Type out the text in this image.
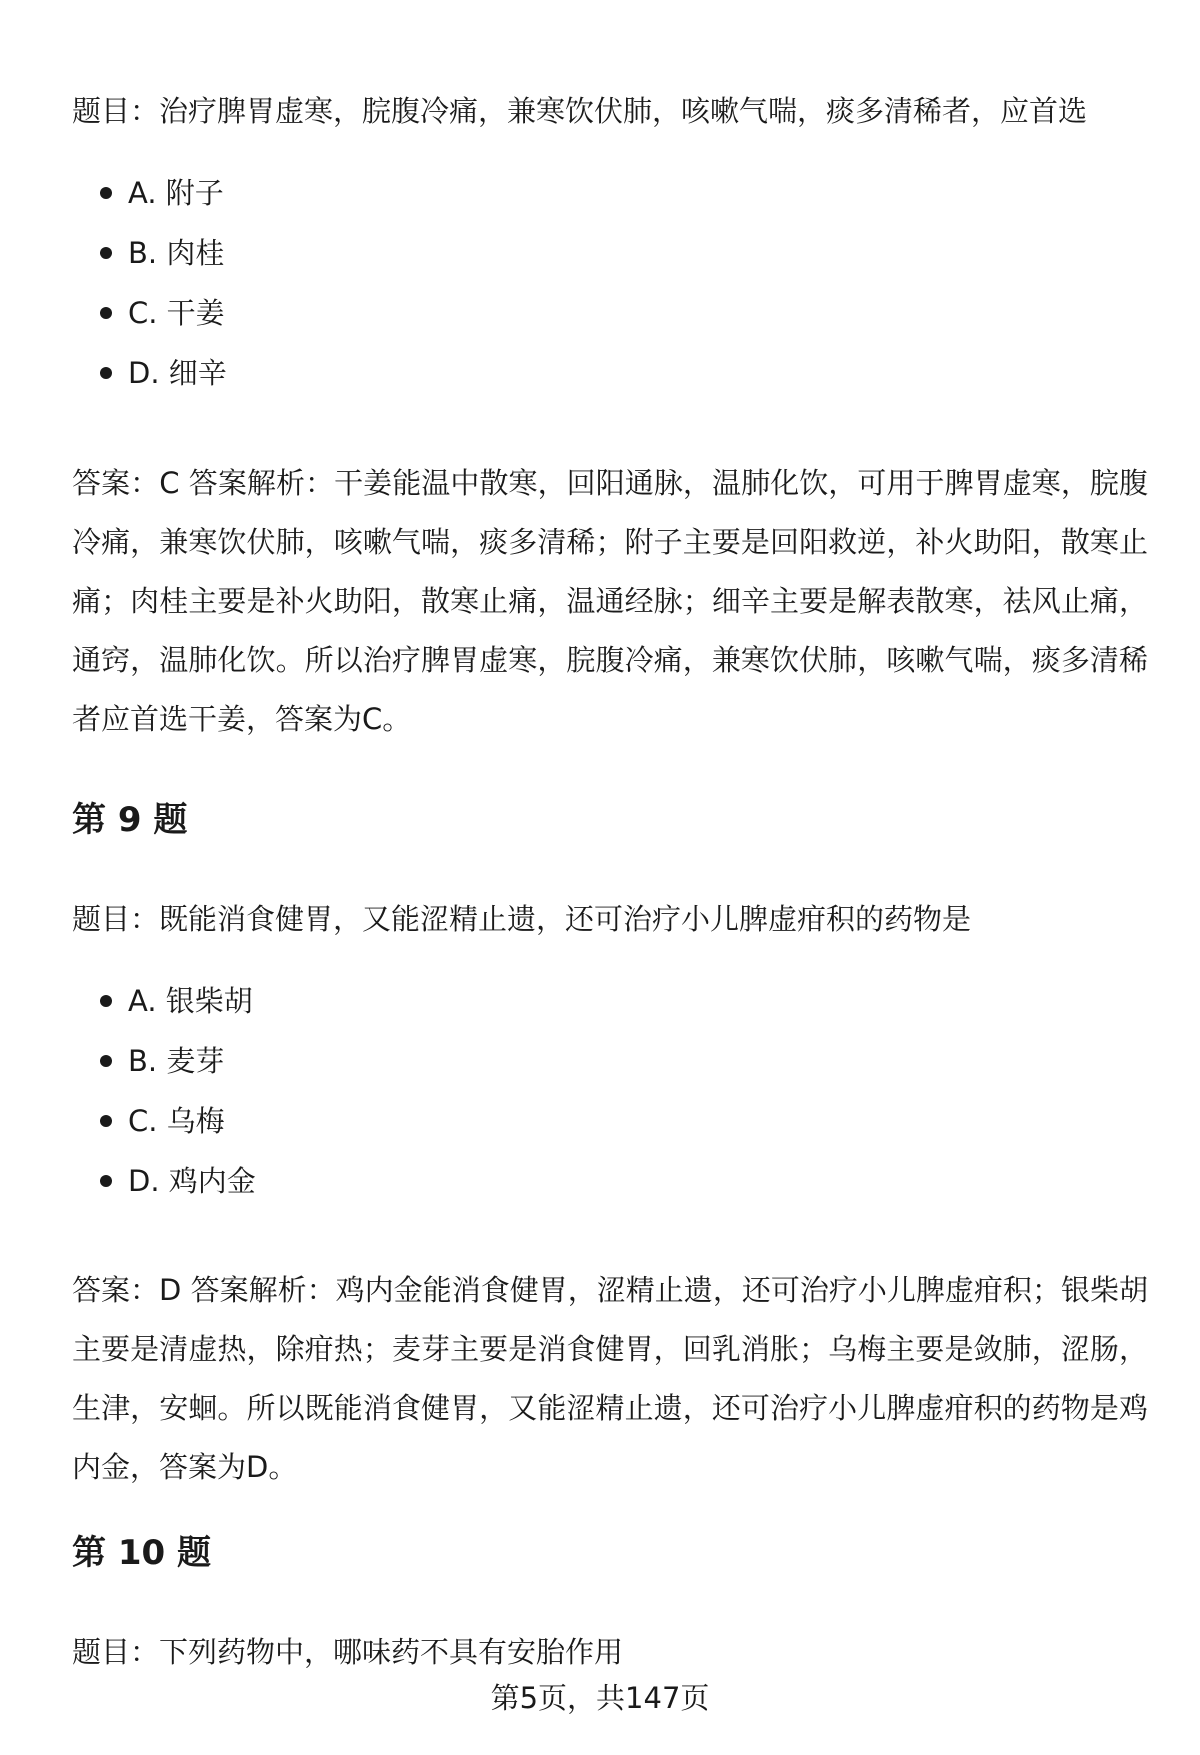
题目：治疗脾胃虚寒，脘腹冷痛，兼寒饮伏肺，咳嗽气喘，痰多清稀者，应首选

A. 附子
B. 肉桂
C. 干姜
D. 细辛

答案：C 答案解析：干姜能温中散寒，回阳通脉，温肺化饮，可用于脾胃虚寒，脘腹冷痛，兼寒饮伏肺，咳嗽气喘，痰多清稀；附子主要是回阳救逆，补火助阳，散寒止痛；肉桂主要是补火助阳，散寒止痛，温通经脉；细辛主要是解表散寒，祛风止痛，通窍，温肺化饮。所以治疗脾胃虚寒，脘腹冷痛，兼寒饮伏肺，咳嗽气喘，痰多清稀者应首选干姜，答案为C。

第 9 题

题目：既能消食健胃，又能涩精止遗，还可治疗小儿脾虚疳积的药物是

A. 银柴胡
B. 麦芽
C. 乌梅
D. 鸡内金

答案：D 答案解析：鸡内金能消食健胃，涩精止遗，还可治疗小儿脾虚疳积；银柴胡主要是清虚热，除疳热；麦芽主要是消食健胃，回乳消胀；乌梅主要是敛肺，涩肠，生津，安蛔。所以既能消食健胃，又能涩精止遗，还可治疗小儿脾虚疳积的药物是鸡内金，答案为D。

第 10 题

题目：下列药物中，哪味药不具有安胎作用

第5页，共147页
